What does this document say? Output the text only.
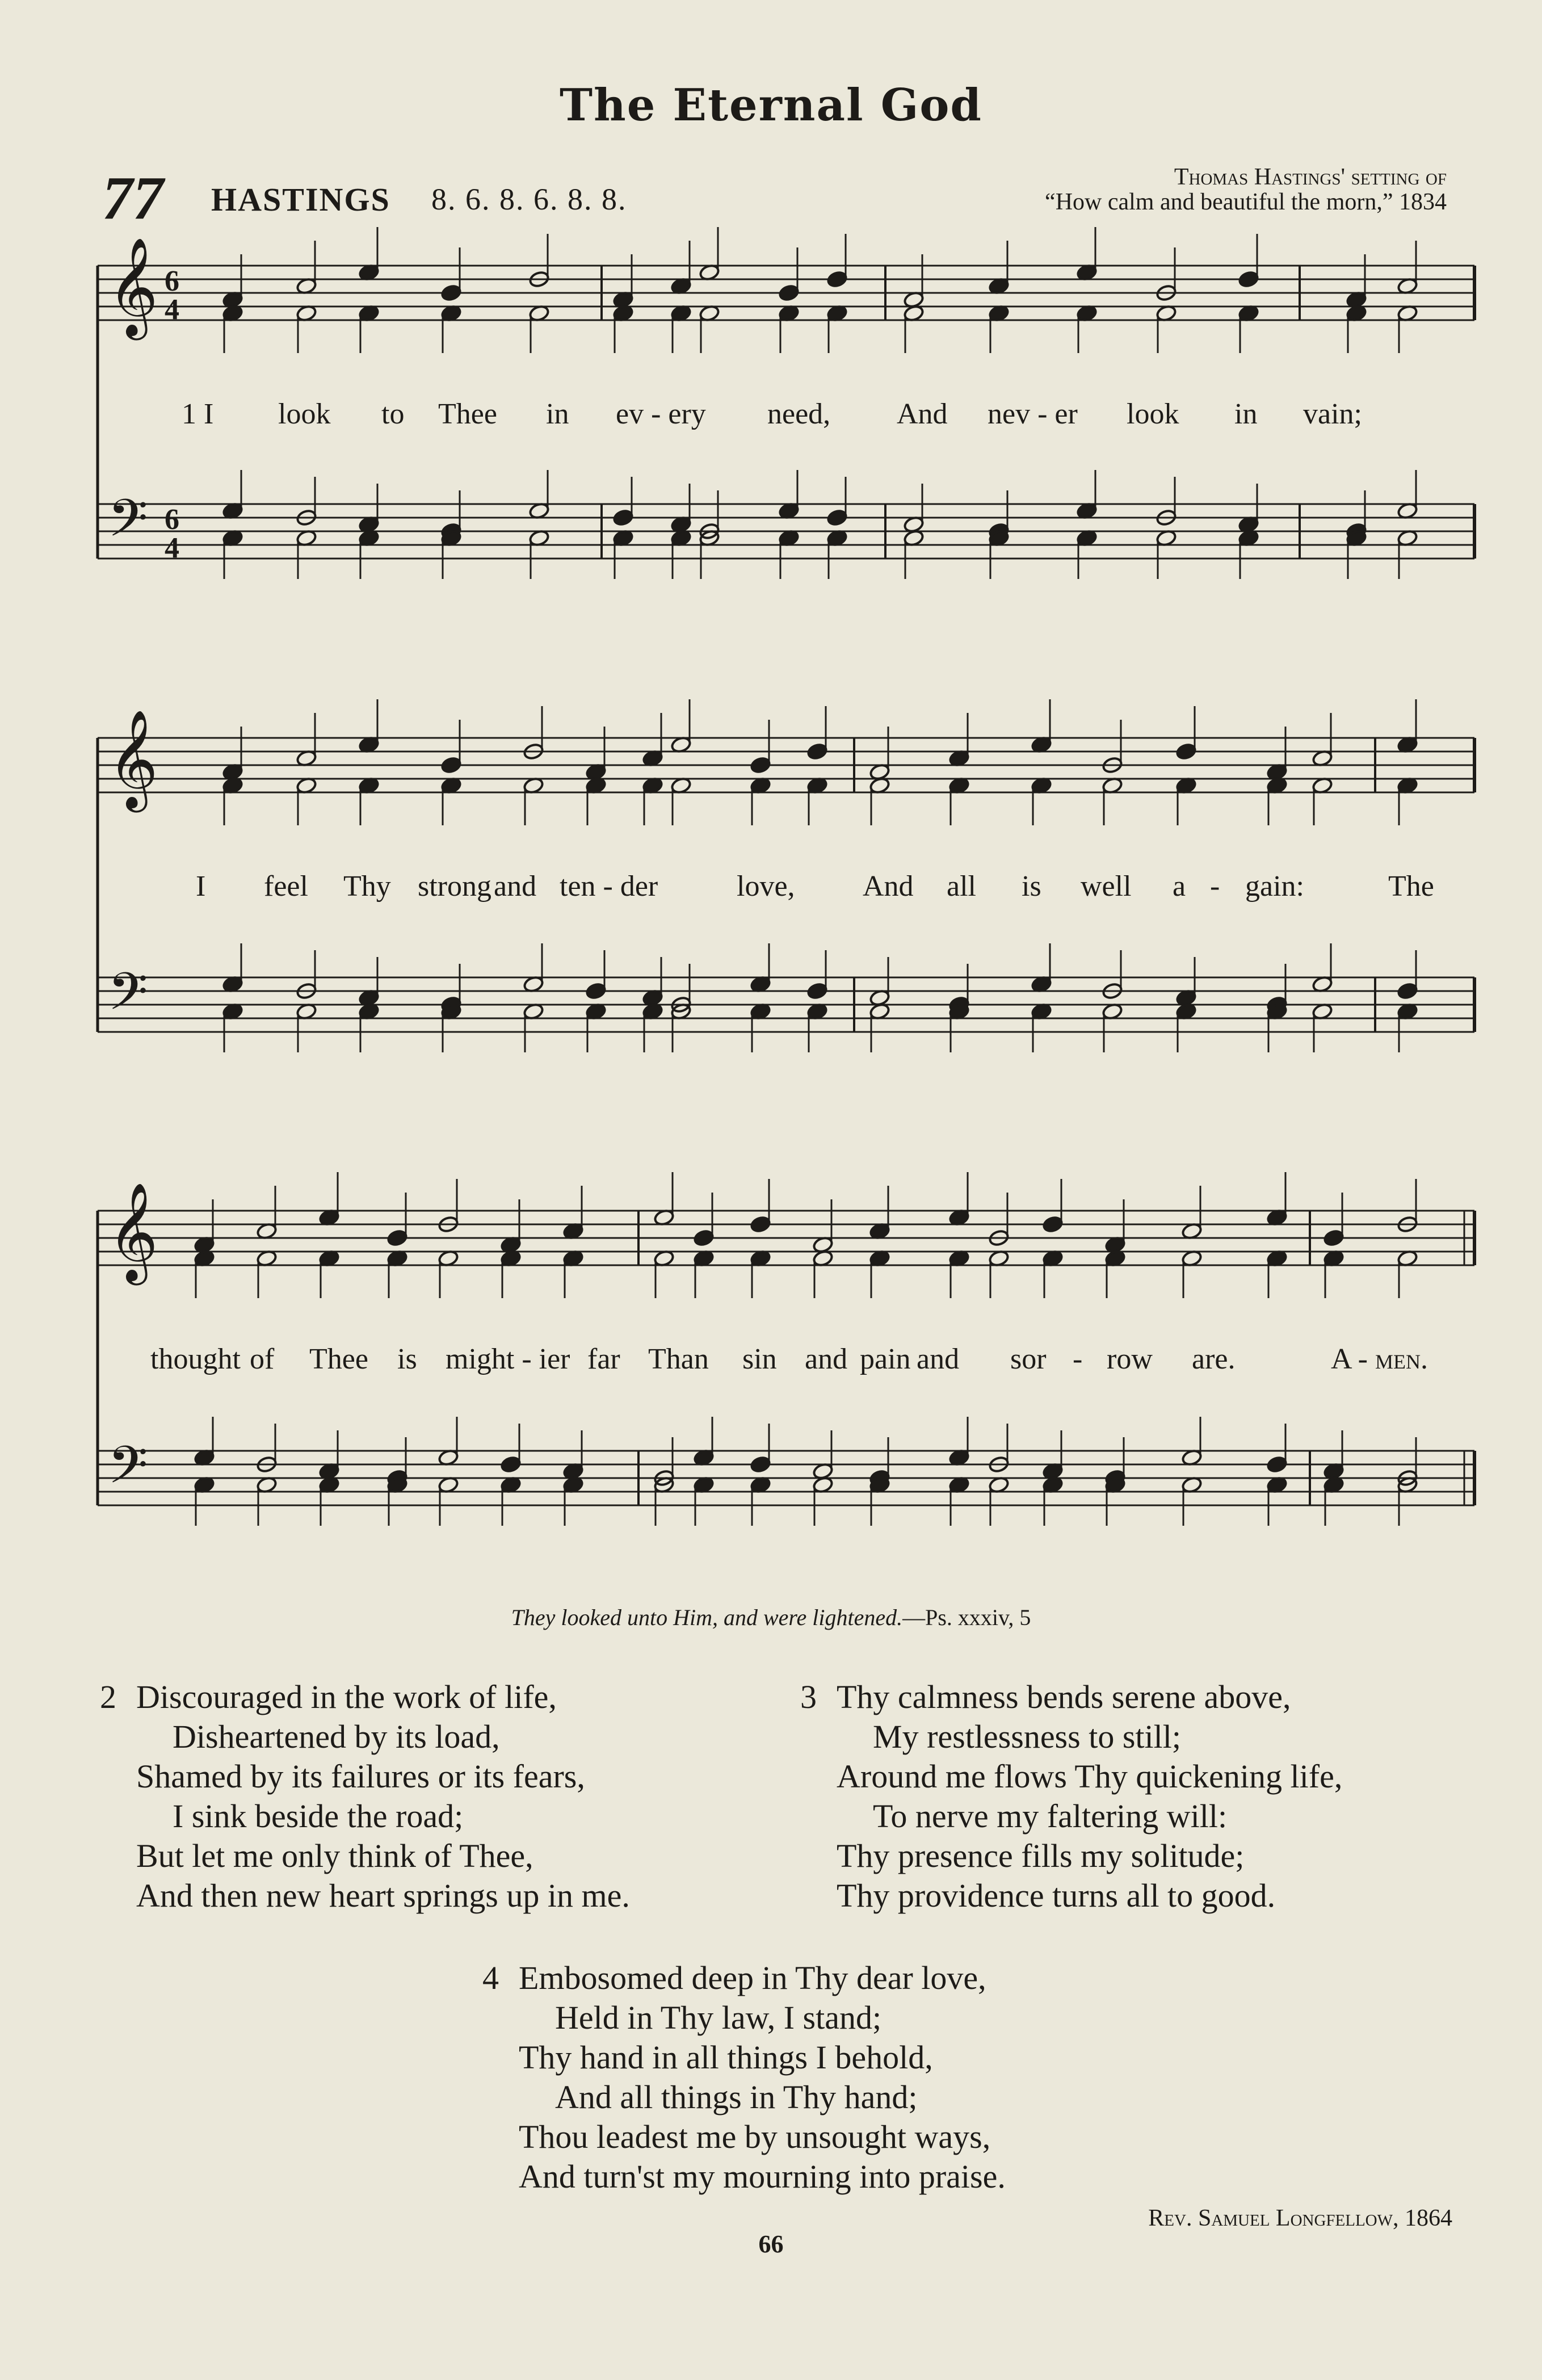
The Eternal God
77 HASTINGS 8. 6. 8. 6. 8. 8.
Thomas Hastings' setting of
“How calm and beautiful the morn,” 1834
𝄞
𝄢
6
4
6
4
𝄞
𝄢
𝄞
𝄢
1 I look to Thee in ev - ery need, And nev - er look in vain;
I feel Thy strong and ten - der	love, And all is well a - gain:	The
thought of Thee is might - ier far Than sin and pain and sor - row are.	A - men.
They looked unto Him, and were lightened.—Ps. xxxiv, 5
2 Discouraged in the work of life,
Disheartened by its load,
Shamed by its failures or its fears,
I sink beside the road;
But let me only think of Thee,
And then new heart springs up in me.
3 Thy calmness bends serene above,
My restlessness to still;
Around me flows Thy quickening life,
To nerve my faltering will:
Thy presence fills my solitude;
Thy providence turns all to good.
4 Embosomed deep in Thy dear love,
Held in Thy law, I stand;
Thy hand in all things I behold,
And all things in Thy hand;
Thou leadest me by unsought ways,
And turn'st my mourning into praise.
Rev. Samuel Longfellow, 1864
66
